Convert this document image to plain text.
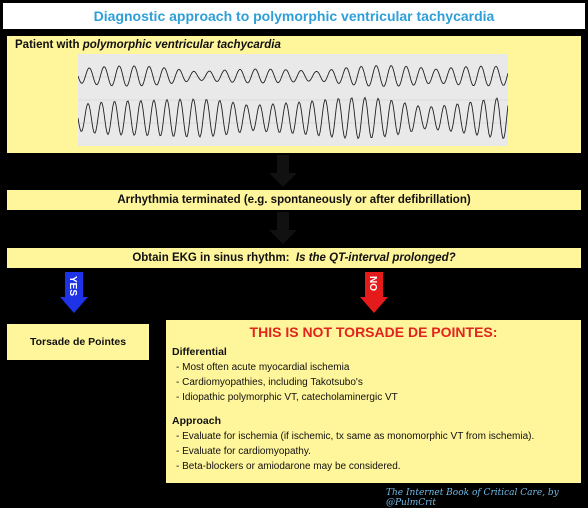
Diagnostic approach to polymorphic ventricular tachycardia
Patient with polymorphic ventricular tachycardia
Arrhythmia terminated (e.g. spontaneously or after defibrillation)
Obtain EKG in sinus rhythm:  Is the QT-interval prolonged?
YES	NO
Torsade de Pointes
THIS IS NOT TORSADE DE POINTES:
Differential
- Most often acute myocardial ischemia
- Cardiomyopathies, including Takotsubo's
- Idiopathic polymorphic VT, catecholaminergic VT
Approach
- Evaluate for ischemia (if ischemic, tx same as monomorphic VT from ischemia).
- Evaluate for cardiomyopathy.
- Beta-blockers or amiodarone may be considered.
The Internet Book of Critical Care, by @PulmCrit
